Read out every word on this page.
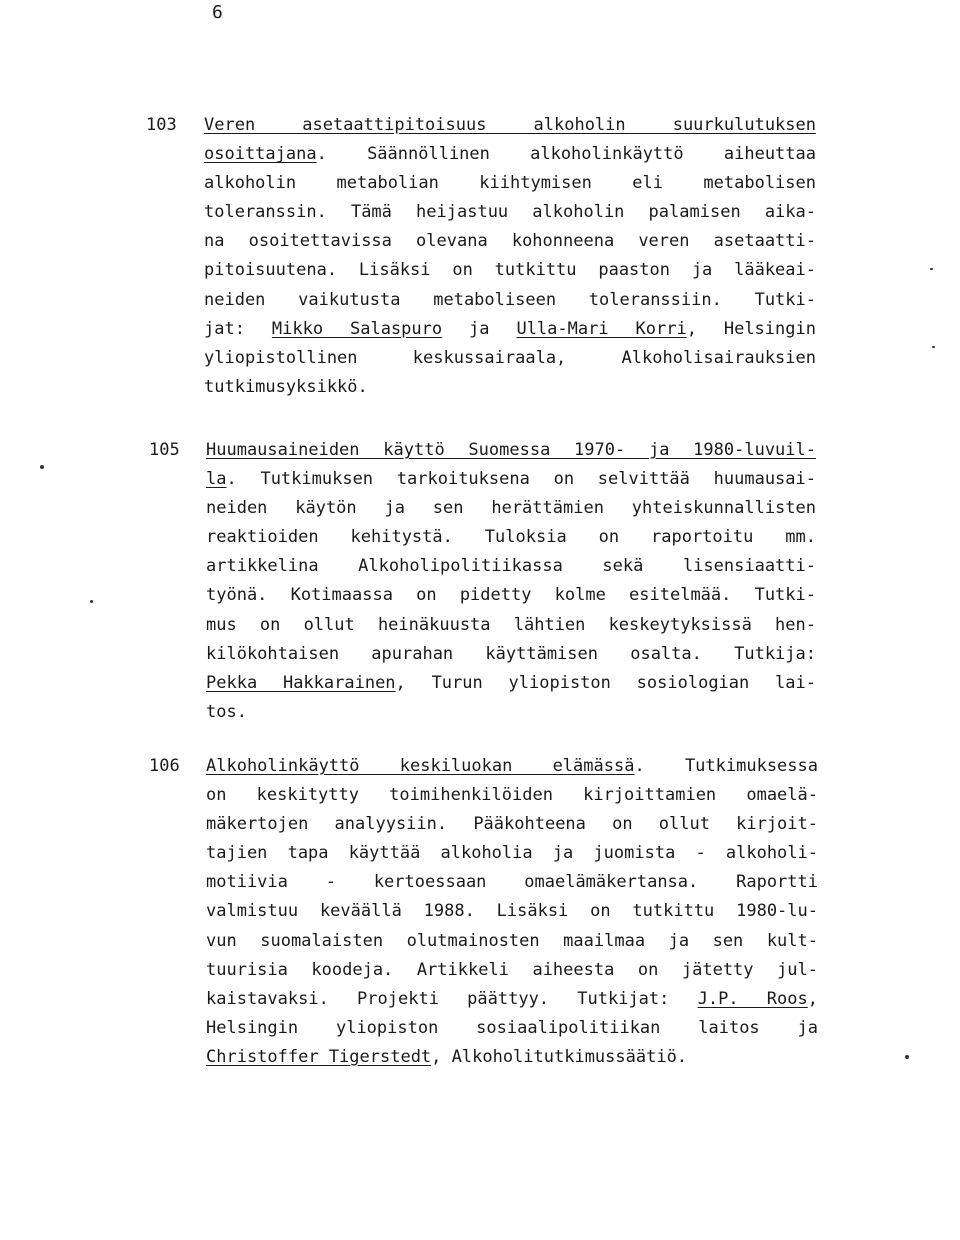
6
103 Veren asetaattipitoisuus alkoholin suurkulutuksen
osoittajana. Säännöllinen alkoholinkäyttö aiheuttaa
alkoholin metabolian kiihtymisen eli metabolisen
toleranssin. Tämä heijastuu alkoholin palamisen aika-
na osoitettavissa olevana kohonneena veren asetaatti-
pitoisuutena. Lisäksi on tutkittu paaston ja lääkeai-
neiden vaikutusta metaboliseen toleranssiin. Tutki-
jat: Mikko Salaspuro ja Ulla-Mari Korri, Helsingin
yliopistollinen keskussairaala, Alkoholisairauksien
tutkimusyksikkö.
105 Huumausaineiden käyttö Suomessa 1970- ja 1980-luvuil-
la. Tutkimuksen tarkoituksena on selvittää huumausai-
neiden käytön ja sen herättämien yhteiskunnallisten
reaktioiden kehitystä. Tuloksia on raportoitu mm.
artikkelina Alkoholipolitiikassa sekä lisensiaatti-
työnä. Kotimaassa on pidetty kolme esitelmää. Tutki-
mus on ollut heinäkuusta lähtien keskeytyksissä hen-
kilökohtaisen apurahan käyttämisen osalta. Tutkija:
Pekka Hakkarainen, Turun yliopiston sosiologian lai-
tos.
106 Alkoholinkäyttö keskiluokan elämässä. Tutkimuksessa
on keskitytty toimihenkilöiden kirjoittamien omaelä-
mäkertojen analyysiin. Pääkohteena on ollut kirjoit-
tajien tapa käyttää alkoholia ja juomista - alkoholi-
motiivia - kertoessaan omaelämäkertansa. Raportti
valmistuu keväällä 1988. Lisäksi on tutkittu 1980-lu-
vun suomalaisten olutmainosten maailmaa ja sen kult-
tuurisia koodeja. Artikkeli aiheesta on jätetty jul-
kaistavaksi. Projekti päättyy. Tutkijat: J.P. Roos,
Helsingin yliopiston sosiaalipolitiikan laitos ja
Christoffer Tigerstedt, Alkoholitutkimussäätiö.
